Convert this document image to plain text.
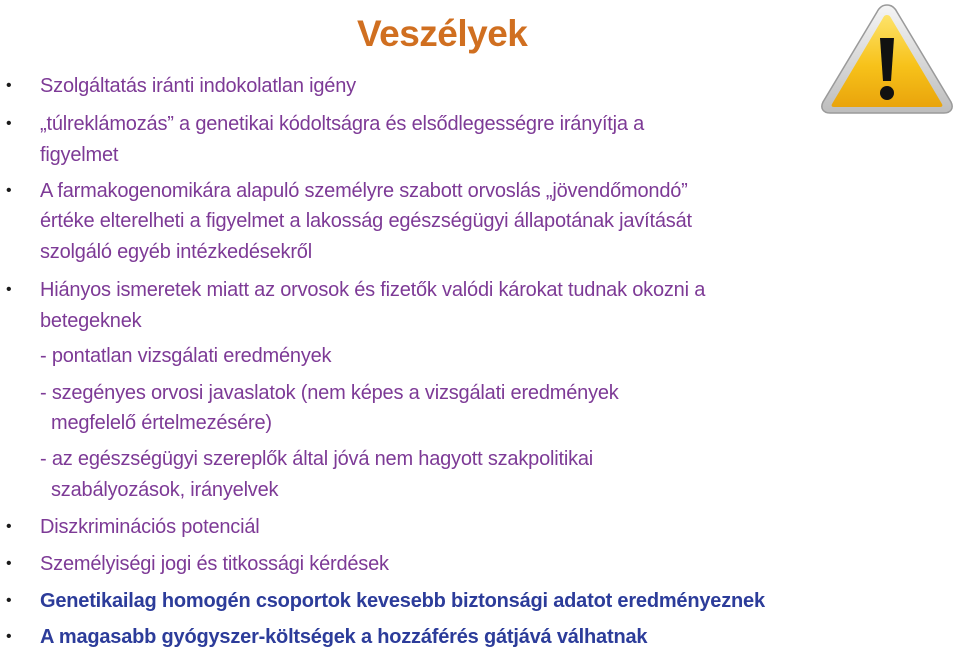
Veszélyek
• Szolgáltatás iránti indokolatlan igény
• „túlreklámozás” a genetikai kódoltságra és elsődlegességre irányítja a
figyelmet
• A farmakogenomikára alapuló személyre szabott orvoslás „jövendőmondó”
értéke elterelheti a figyelmet a lakosság egészségügyi állapotának javítását
szolgáló egyéb intézkedésekről
• Hiányos ismeretek miatt az orvosok és fizetők valódi károkat tudnak okozni a
betegeknek
- pontatlan vizsgálati eredmények
- szegényes orvosi javaslatok (nem képes a vizsgálati eredmények
megfelelő értelmezésére)
- az egészségügyi szereplők által jóvá nem hagyott szakpolitikai
szabályozások, irányelvek
• Diszkriminációs potenciál
• Személyiségi jogi és titkossági kérdések
• Genetikailag homogén csoportok kevesebb biztonsági adatot eredményeznek
• A magasabb gyógyszer-költségek a hozzáférés gátjává válhatnak
